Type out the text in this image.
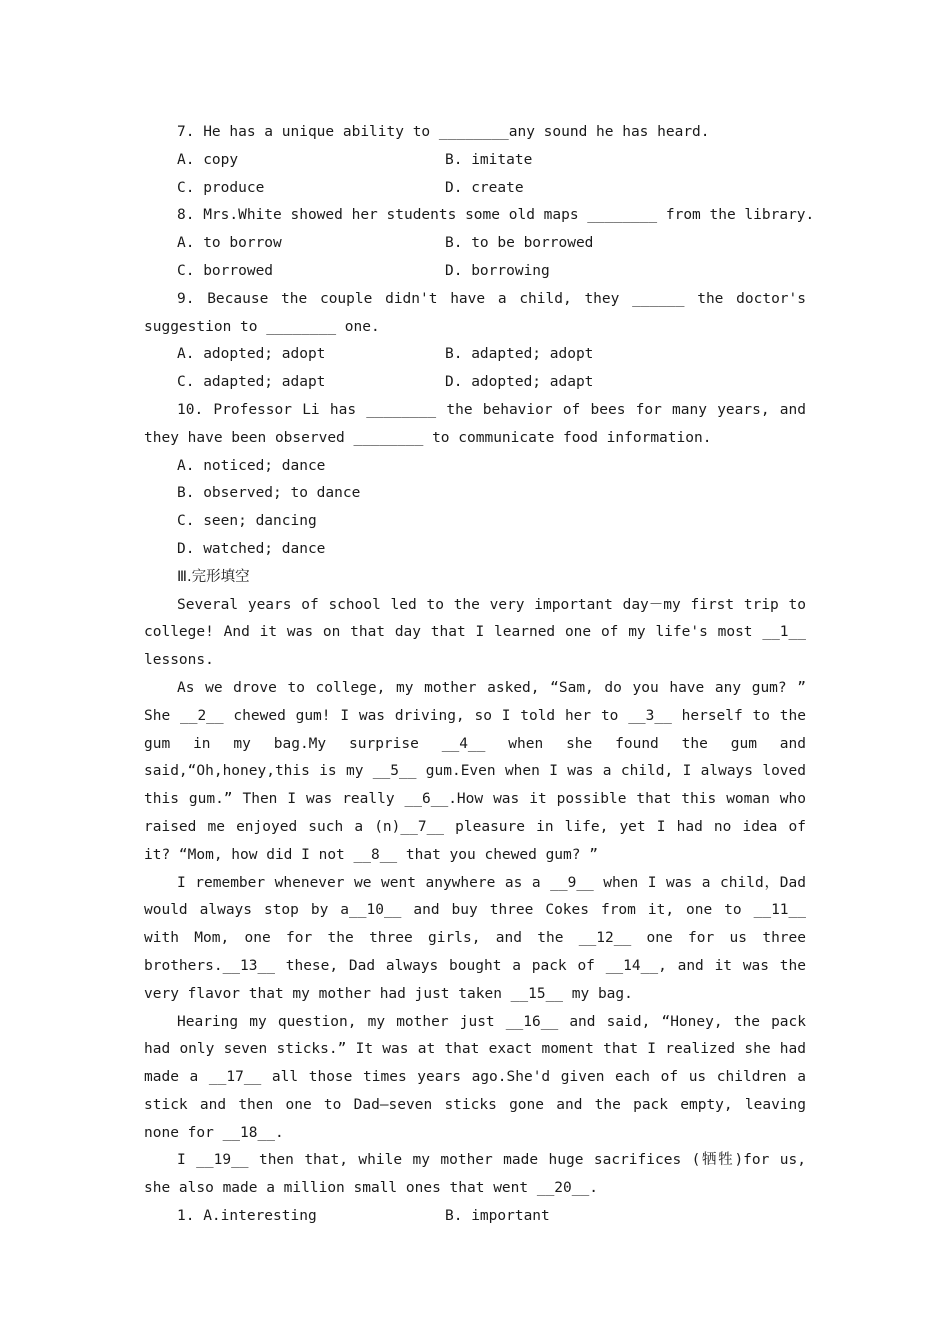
7. He has a unique ability to ________any sound he has heard.
A. copy	B. imitate
C. produce	D. create
8. Mrs.White showed her students some old maps ________ from the library.
A. to borrow	B. to be borrowed
C. borrowed	D. borrowing
9. Because the couple didn't have a child, they ______ the doctor's suggestion to ________ one.
A. adopted; adopt	B. adapted; adopt
C. adapted; adapt	D. adopted; adapt
10. Professor Li has ________ the behavior of bees for many years, and they have been observed ________ to communicate food information.
A. noticed; dance
B. observed; to dance
C. seen; dancing
D. watched; dance
Ⅲ.完形填空
Several years of school led to the very important day－my first trip to college! And it was on that day that I learned one of my life's most __1__ lessons.
As we drove to college, my mother asked, “Sam, do you have any gum? ” She __2__ chewed gum! I was driving, so I told her to __3__ herself to the gum in my bag.My surprise __4__ when she found the gum and said,“Oh,honey,this is my __5__ gum.Even when I was a child, I always loved this gum.” Then I was really __6__.How was it possible that this woman who raised me enjoyed such a (n)__7__ pleasure in life, yet I had no idea of it? “Mom, how did I not __8__ that you chewed gum? ”
I remember whenever we went anywhere as a __9__ when I was a child，Dad would always stop by a__10__ and buy three Cokes from it, one to __11__ with Mom, one for the three girls, and the __12__ one for us three brothers.__13__ these, Dad always bought a pack of __14__, and it was the very flavor that my mother had just taken __15__ my bag.
Hearing my question, my mother just __16__ and said, “Honey, the pack had only seven sticks.” It was at that exact moment that I realized she had made a __17__ all those times years ago.She'd given each of us children a stick and then one to Dad—seven sticks gone and the pack empty, leaving none for __18__.
I __19__ then that, while my mother made huge sacrifices (牺牲)for us, she also made a million small ones that went __20__.
1. A.interesting	B. important
